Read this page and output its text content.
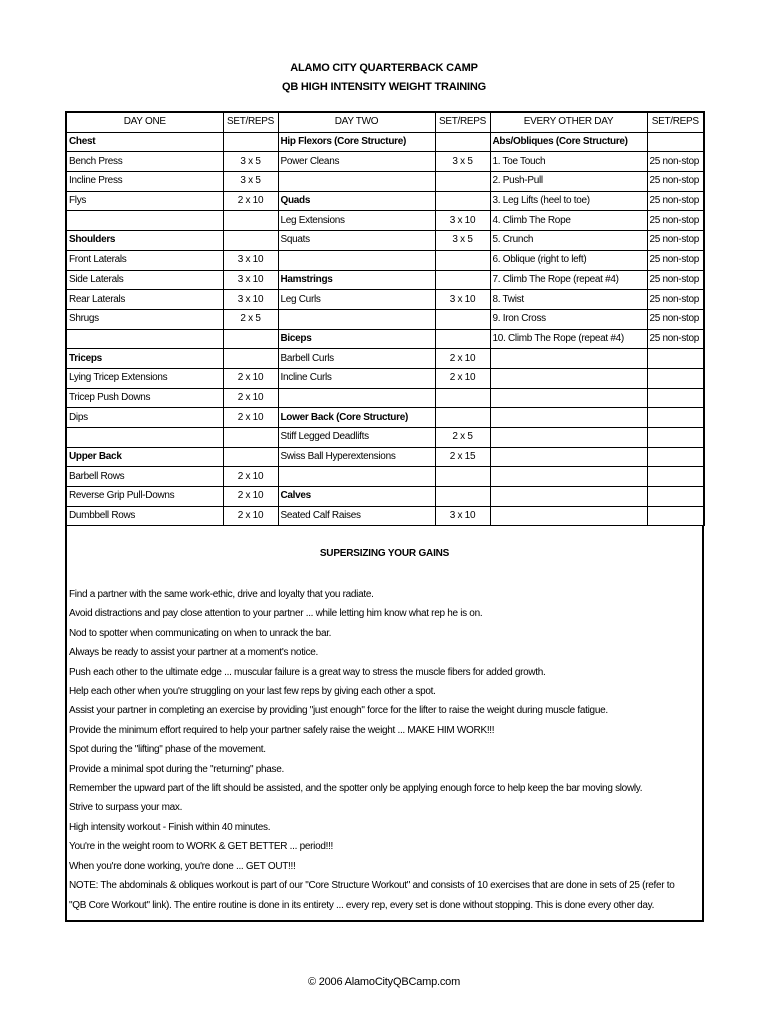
ALAMO CITY QUARTERBACK CAMP
QB HIGH INTENSITY WEIGHT TRAINING
DAY ONE	SET/REPS	DAY TWO	SET/REPS	EVERY OTHER DAY	SET/REPS
Chest		Hip Flexors (Core Structure)		Abs/Obliques (Core Structure)	
Bench Press	3 x 5	Power Cleans	3 x 5	1. Toe Touch	25 non-stop
Incline Press	3 x 5			2. Push-Pull	25 non-stop
Flys	2 x 10	Quads		3. Leg Lifts (heel to toe)	25 non-stop
		Leg Extensions	3 x 10	4. Climb The Rope	25 non-stop
Shoulders		Squats	3 x 5	5. Crunch	25 non-stop
Front Laterals	3 x 10			6. Oblique (right to left)	25 non-stop
Side Laterals	3 x 10	Hamstrings		7. Climb The Rope (repeat #4)	25 non-stop
Rear Laterals	3 x 10	Leg Curls	3 x 10	8. Twist	25 non-stop
Shrugs	2 x 5			9. Iron Cross	25 non-stop
		Biceps		10. Climb The Rope (repeat #4)	25 non-stop
Triceps		Barbell Curls	2 x 10		
Lying Tricep Extensions	2 x 10	Incline Curls	2 x 10		
Tricep Push Downs	2 x 10				
Dips	2 x 10	Lower Back (Core Structure)			
		Stiff Legged Deadlifts	2 x 5		
Upper Back		Swiss Ball Hyperextensions	2 x 15		
Barbell Rows	2 x 10				
Reverse Grip Pull-Downs	2 x 10	Calves			
Dumbbell Rows	2 x 10	Seated Calf Raises	3 x 10		
SUPERSIZING YOUR GAINS
Find a partner with the same work-ethic, drive and loyalty that you radiate.
Avoid distractions and pay close attention to your partner ... while letting him know what rep he is on.
Nod to spotter when communicating on when to unrack the bar.
Always be ready to assist your partner at a moment's notice.
Push each other to the ultimate edge ... muscular failure is a great way to stress the muscle fibers for added growth.
Help each other when you're struggling on your last few reps by giving each other a spot.
Assist your partner in completing an exercise by providing "just enough" force for the lifter to raise the weight during muscle fatigue.
Provide the minimum effort required to help your partner safely raise the weight ... MAKE HIM WORK!!!
Spot during the "lifting" phase of the movement.
Provide a minimal spot during the "returning" phase.
Remember the upward part of the lift should be assisted, and the spotter only be applying enough force to help keep the bar moving slowly.
Strive to surpass your max.
High intensity workout - Finish within 40 minutes.
You're in the weight room to WORK & GET BETTER ... period!!!
When you're done working, you're done ... GET OUT!!!
NOTE: The abdominals & obliques workout is part of our "Core Structure Workout" and consists of 10 exercises that are done in sets of 25 (refer to
"QB Core Workout" link). The entire routine is done in its entirety ... every rep, every set is done without stopping. This is done every other day.
© 2006 AlamoCityQBCamp.com
